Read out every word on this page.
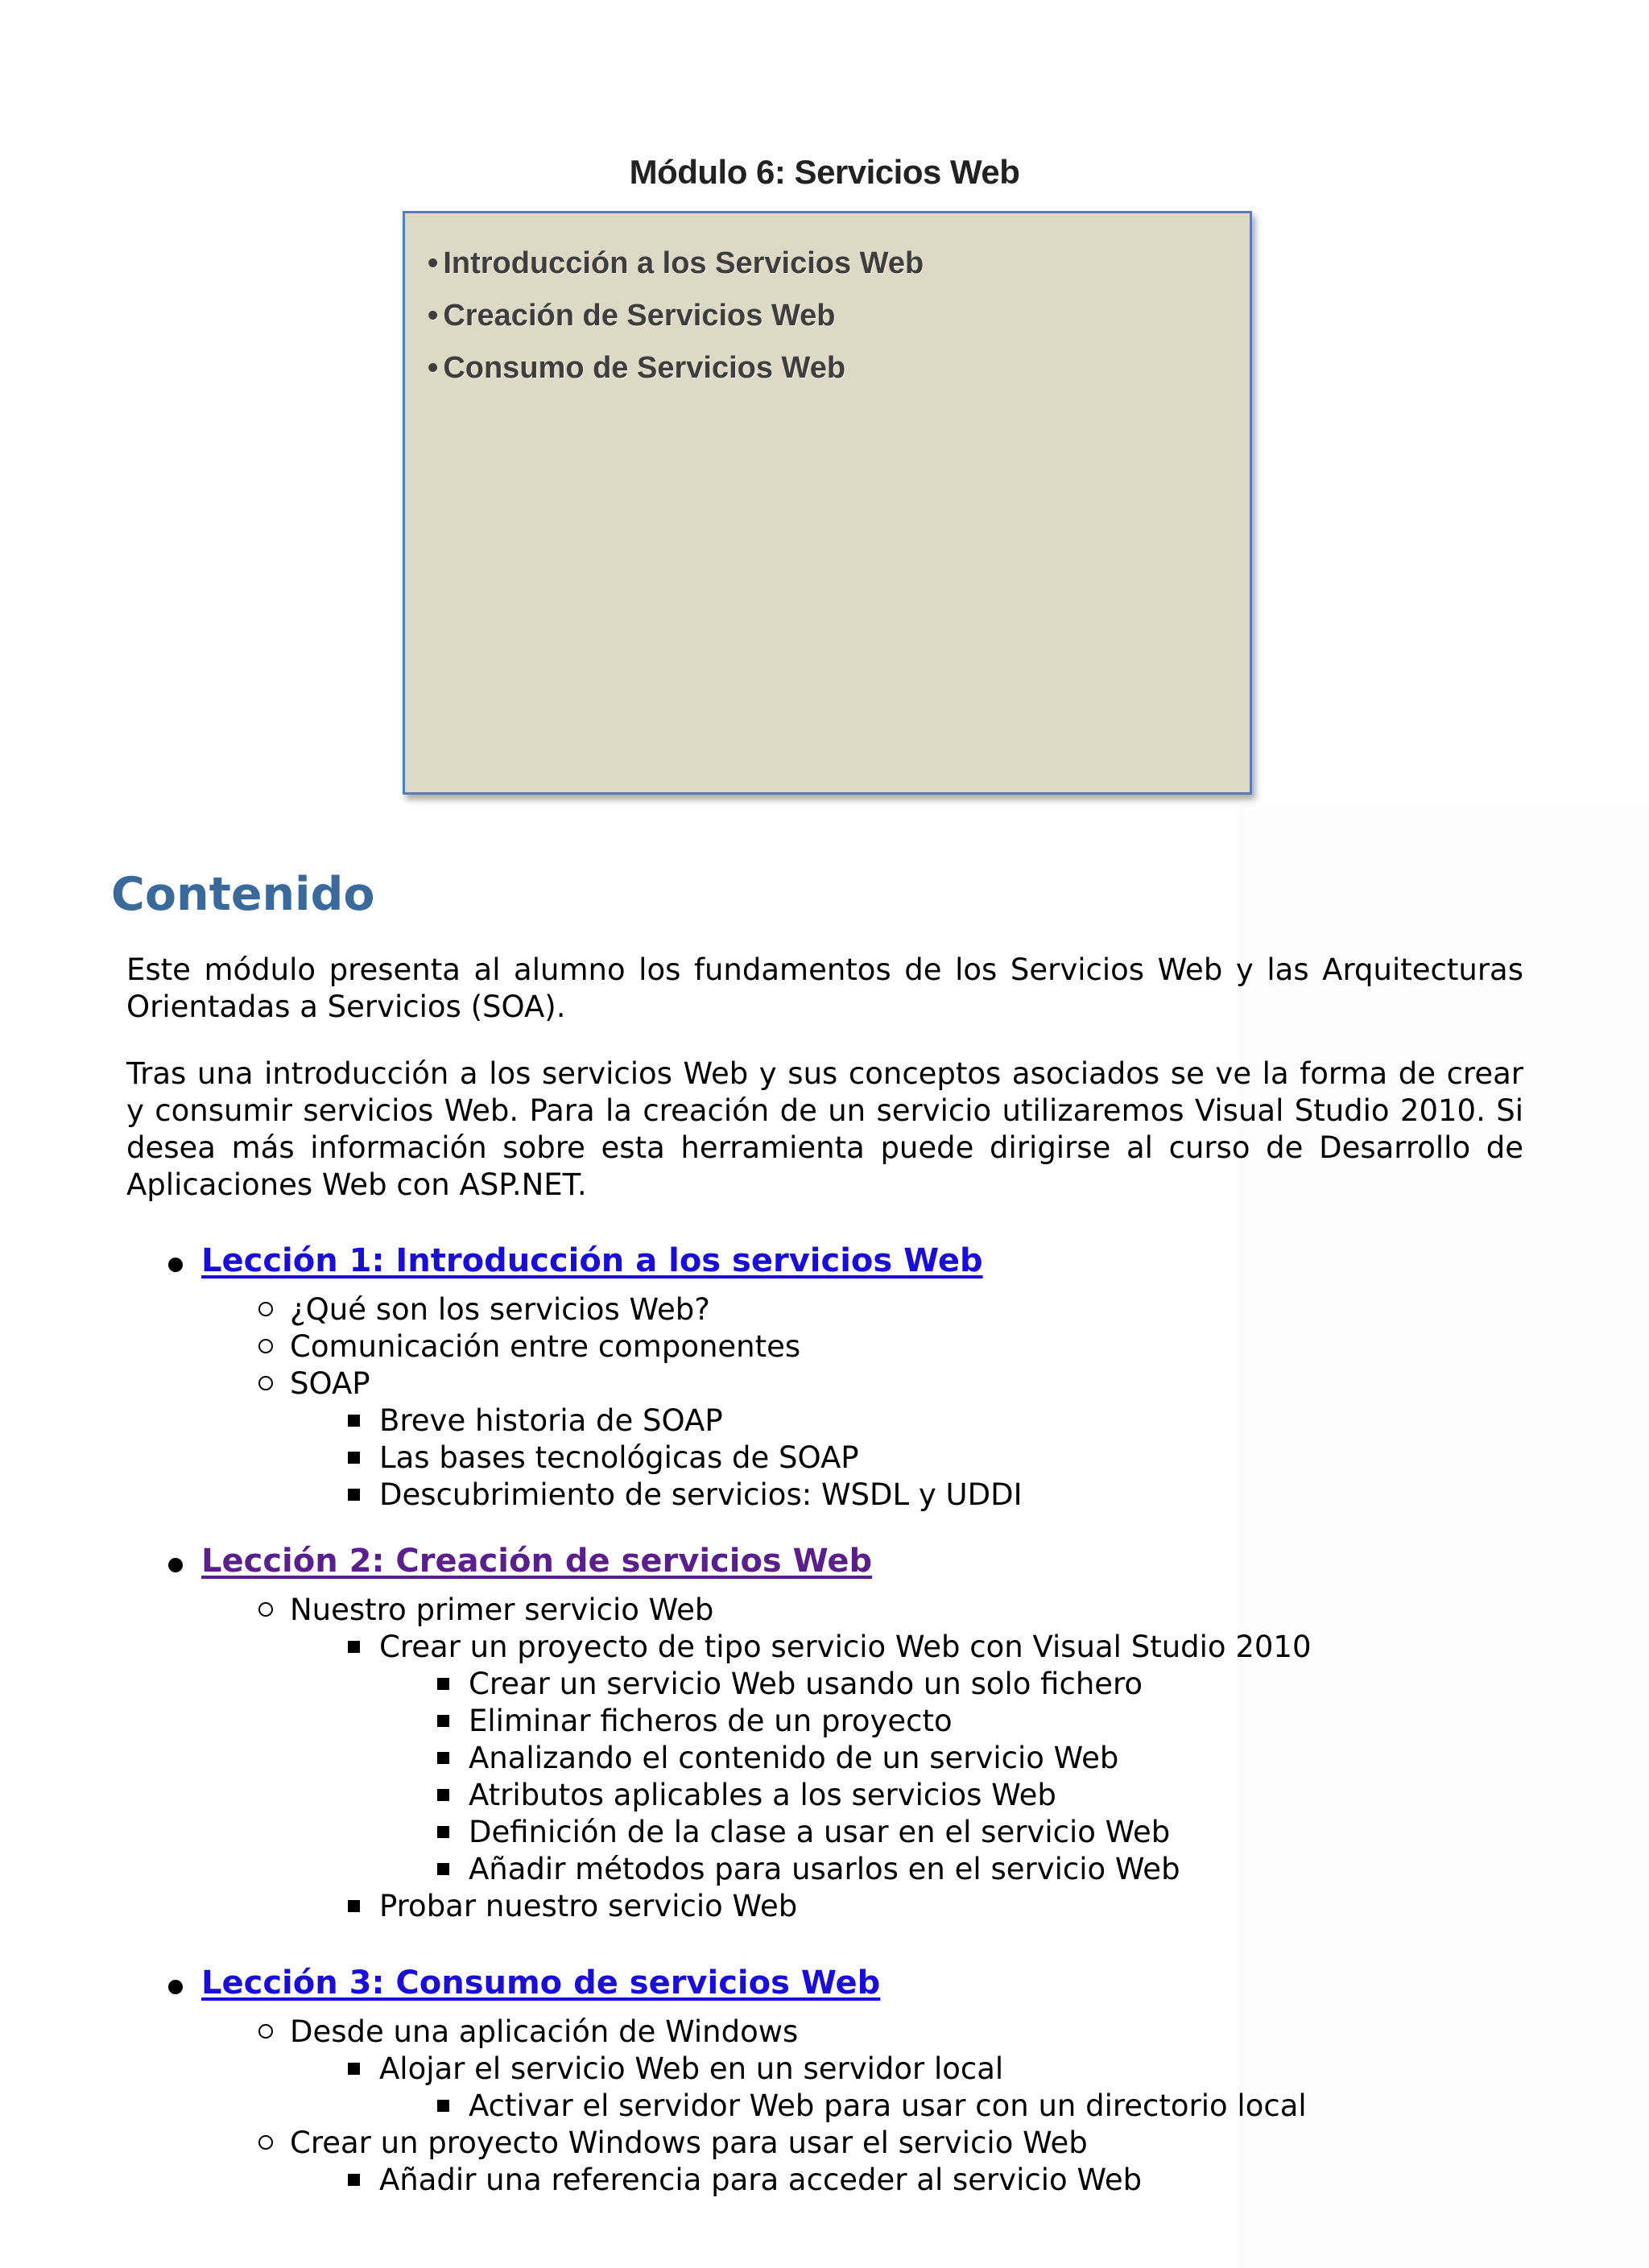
Módulo 6: Servicios Web
• Introducción a los Servicios Web
• Creación de Servicios Web
• Consumo de Servicios Web
Contenido

Este módulo presenta al alumno los fundamentos de los Servicios Web y las Arquitecturas Orientadas a Servicios (SOA).

Tras una introducción a los servicios Web y sus conceptos asociados se ve la forma de crear y consumir servicios Web. Para la creación de un servicio utilizaremos Visual Studio 2010. Si desea más información sobre esta herramienta puede dirigirse al curso de Desarrollo de Aplicaciones Web con ASP.NET.

Lección 1: Introducción a los servicios Web
¿Qué son los servicios Web?
Comunicación entre componentes
SOAP
Breve historia de SOAP
Las bases tecnológicas de SOAP
Descubrimiento de servicios: WSDL y UDDI
Lección 2: Creación de servicios Web
Nuestro primer servicio Web
Crear un proyecto de tipo servicio Web con Visual Studio 2010
Crear un servicio Web usando un solo fichero
Eliminar ficheros de un proyecto
Analizando el contenido de un servicio Web
Atributos aplicables a los servicios Web
Definición de la clase a usar en el servicio Web
Añadir métodos para usarlos en el servicio Web
Probar nuestro servicio Web
Lección 3: Consumo de servicios Web
Desde una aplicación de Windows
Alojar el servicio Web en un servidor local
Activar el servidor Web para usar con un directorio local
Crear un proyecto Windows para usar el servicio Web
Añadir una referencia para acceder al servicio Web
